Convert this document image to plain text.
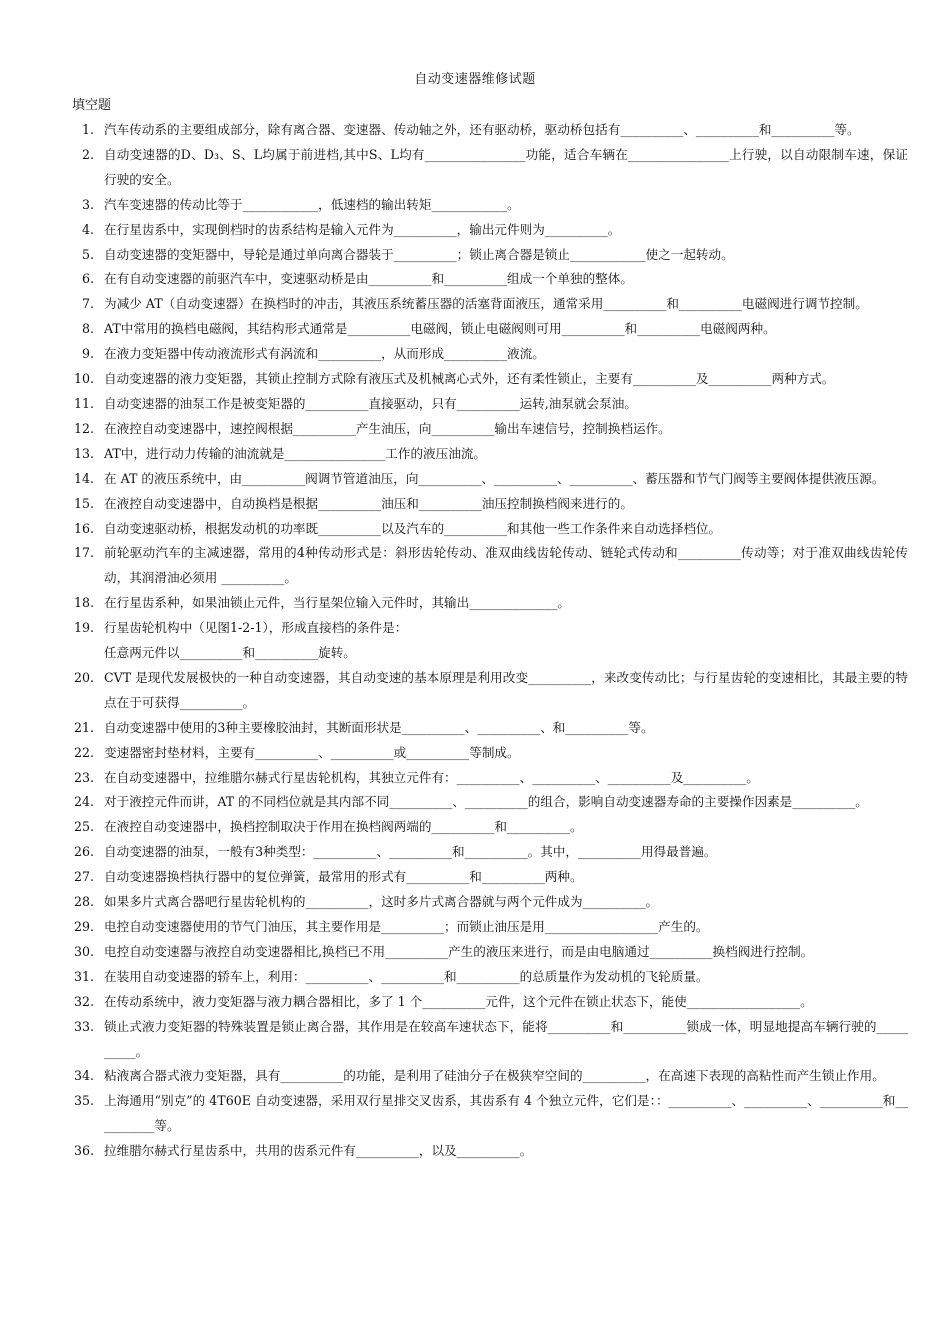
自动变速器维修试题
填空题
1. 汽车传动系的主要组成部分，除有离合器、变速器、传动轴之外，还有驱动桥，驱动桥包括有__________、__________和__________等。
2. 自动变速器的D、D₃、S、L均属于前进档,其中S、L均有________________功能，适合车辆在________________上行驶，以自动限制车速，保证行驶的安全。
3. 汽车变速器的传动比等于____________，低速档的输出转矩____________。
4. 在行星齿系中，实现倒档时的齿系结构是输入元件为__________，输出元件则为__________。
5. 自动变速器的变矩器中，导轮是通过单向离合器装于__________；锁止离合器是锁止____________使之一起转动。
6. 在有自动变速器的前驱汽车中，变速驱动桥是由__________和__________组成一个单独的整体。
7. 为减少 AT（自动变速器）在换档时的冲击，其液压系统蓄压器的活塞背面液压，通常采用__________和__________电磁阀进行调节控制。
8. AT中常用的换档电磁阀，其结构形式通常是__________电磁阀，锁止电磁阀则可用__________和__________电磁阀两种。
9. 在液力变矩器中传动液流形式有涡流和__________，从而形成__________液流。
10. 自动变速器的液力变矩器，其锁止控制方式除有液压式及机械离心式外，还有柔性锁止，主要有__________及__________两种方式。
11. 自动变速器的油泵工作是被变矩器的__________直接驱动，只有__________运转,油泵就会泵油。
12. 在液控自动变速器中，速控阀根据__________产生油压，向__________输出车速信号，控制换档运作。
13. AT中，进行动力传输的油流就是________________工作的液压油流。
14. 在 AT 的液压系统中，由__________阀调节管道油压，向__________、__________、__________、蓄压器和节气门阀等主要阀体提供液压源。
15. 在液控自动变速器中，自动换档是根据__________油压和__________油压控制换档阀来进行的。
16. 自动变速驱动桥，根据发动机的功率既__________以及汽车的__________和其他一些工作条件来自动选择档位。
17. 前轮驱动汽车的主减速器，常用的4种传动形式是：斜形齿轮传动、准双曲线齿轮传动、链轮式传动和__________传动等；对于准双曲线齿轮传动，其润滑油必须用 __________。
18. 在行星齿系种，如果油锁止元件，当行星架位输入元件时，其输出______________。
19. 行星齿轮机构中（见图1-2-1），形成直接档的条件是：
任意两元件以__________和__________旋转。
20. CVT 是现代发展极快的一种自动变速器，其自动变速的基本原理是利用改变__________，来改变传动比；与行星齿轮的变速相比，其最主要的特点在于可获得__________。
21. 自动变速器中使用的3种主要橡胶油封，其断面形状是__________、__________、和__________等。
22. 变速器密封垫材料，主要有__________、__________或__________等制成。
23. 在自动变速器中，拉维腊尔赫式行星齿轮机构，其独立元件有：__________、__________、__________及__________。
24. 对于液控元件而讲，AT 的不同档位就是其内部不同__________、__________的组合，影响自动变速器寿命的主要操作因素是__________。
25. 在液控自动变速器中，换档控制取决于作用在换档阀两端的__________和__________。
26. 自动变速器的油泵，一般有3种类型：__________、__________和__________。其中，__________用得最普遍。
27. 自动变速器换档执行器中的复位弹簧，最常用的形式有__________和__________两种。
28. 如果多片式离合器吧行星齿轮机构的__________，这时多片式离合器就与两个元件成为__________。
29. 电控自动变速器使用的节气门油压，其主要作用是__________；而锁止油压是用__________________产生的。
30. 电控自动变速器与液控自动变速器相比,换档已不用__________产生的液压来进行，而是由电脑通过__________换档阀进行控制。
31. 在装用自动变速器的轿车上，利用：__________、__________和__________的总质量作为发动机的飞轮质量。
32. 在传动系统中，液力变矩器与液力耦合器相比，多了 1 个__________元件，这个元件在锁止状态下，能使__________________。
33. 锁止式液力变矩器的特殊装置是锁止离合器，其作用是在较高车速状态下，能将__________和__________锁成一体，明显地提高车辆行驶的__________。
34. 粘液离合器式液力变矩器，具有__________的功能，是利用了硅油分子在极狭窄空间的__________，在高速下表现的高粘性而产生锁止作用。
35. 上海通用“别克”的 4T60E 自动变速器，采用双行星排交叉齿系，其齿系有 4 个独立元件，它们是：：__________、__________、__________和__________等。
36. 拉维腊尔赫式行星齿系中，共用的齿系元件有__________，以及__________。
